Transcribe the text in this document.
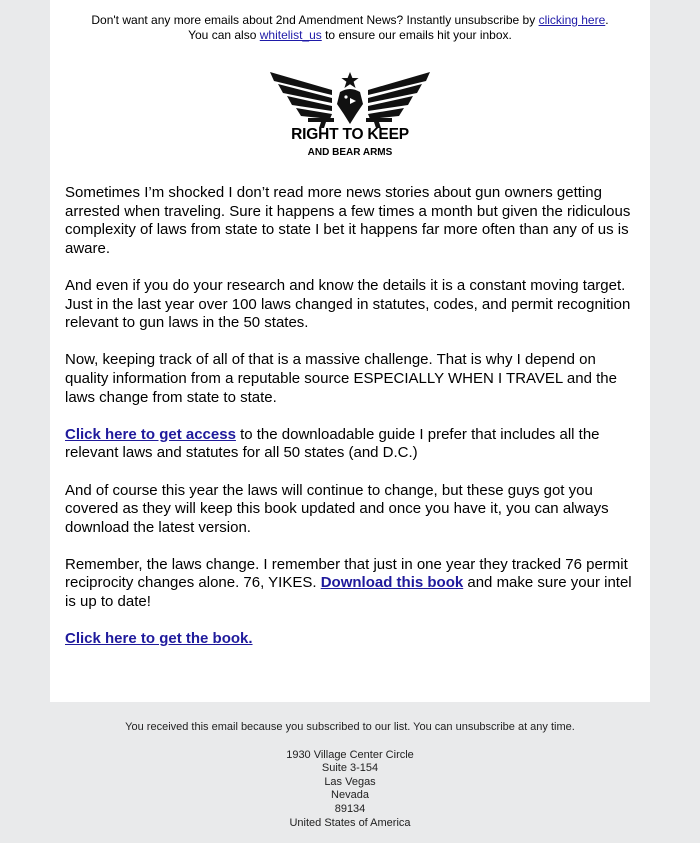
Don't want any more emails about 2nd Amendment News? Instantly unsubscribe by clicking here.
You can also whitelist_us to ensure our emails hit your inbox.
RIGHT TO KEEP
AND BEAR ARMS

Sometimes I’m shocked I don’t read more news stories about gun owners getting arrested when traveling. Sure it happens a few times a month but given the ridiculous complexity of laws from state to state I bet it happens far more often than any of us is aware.

And even if you do your research and know the details it is a constant moving target. Just in the last year over 100 laws changed in statutes, codes, and permit recognition relevant to gun laws in the 50 states.

Now, keeping track of all of that is a massive challenge. That is why I depend on quality information from a reputable source ESPECIALLY WHEN I TRAVEL and the laws change from state to state.

Click here to get access to the downloadable guide I prefer that includes all the relevant laws and statutes for all 50 states (and D.C.)

And of course this year the laws will continue to change, but these guys got you covered as they will keep this book updated and once you have it, you can always download the latest version.

Remember, the laws change. I remember that just in one year they tracked 76 permit reciprocity changes alone. 76, YIKES. Download this book and make sure your intel is up to date!

Click here to get the book.

You received this email because you subscribed to our list. You can unsubscribe at any time.
1930 Village Center Circle
Suite 3-154
Las Vegas
Nevada
89134
United States of America
